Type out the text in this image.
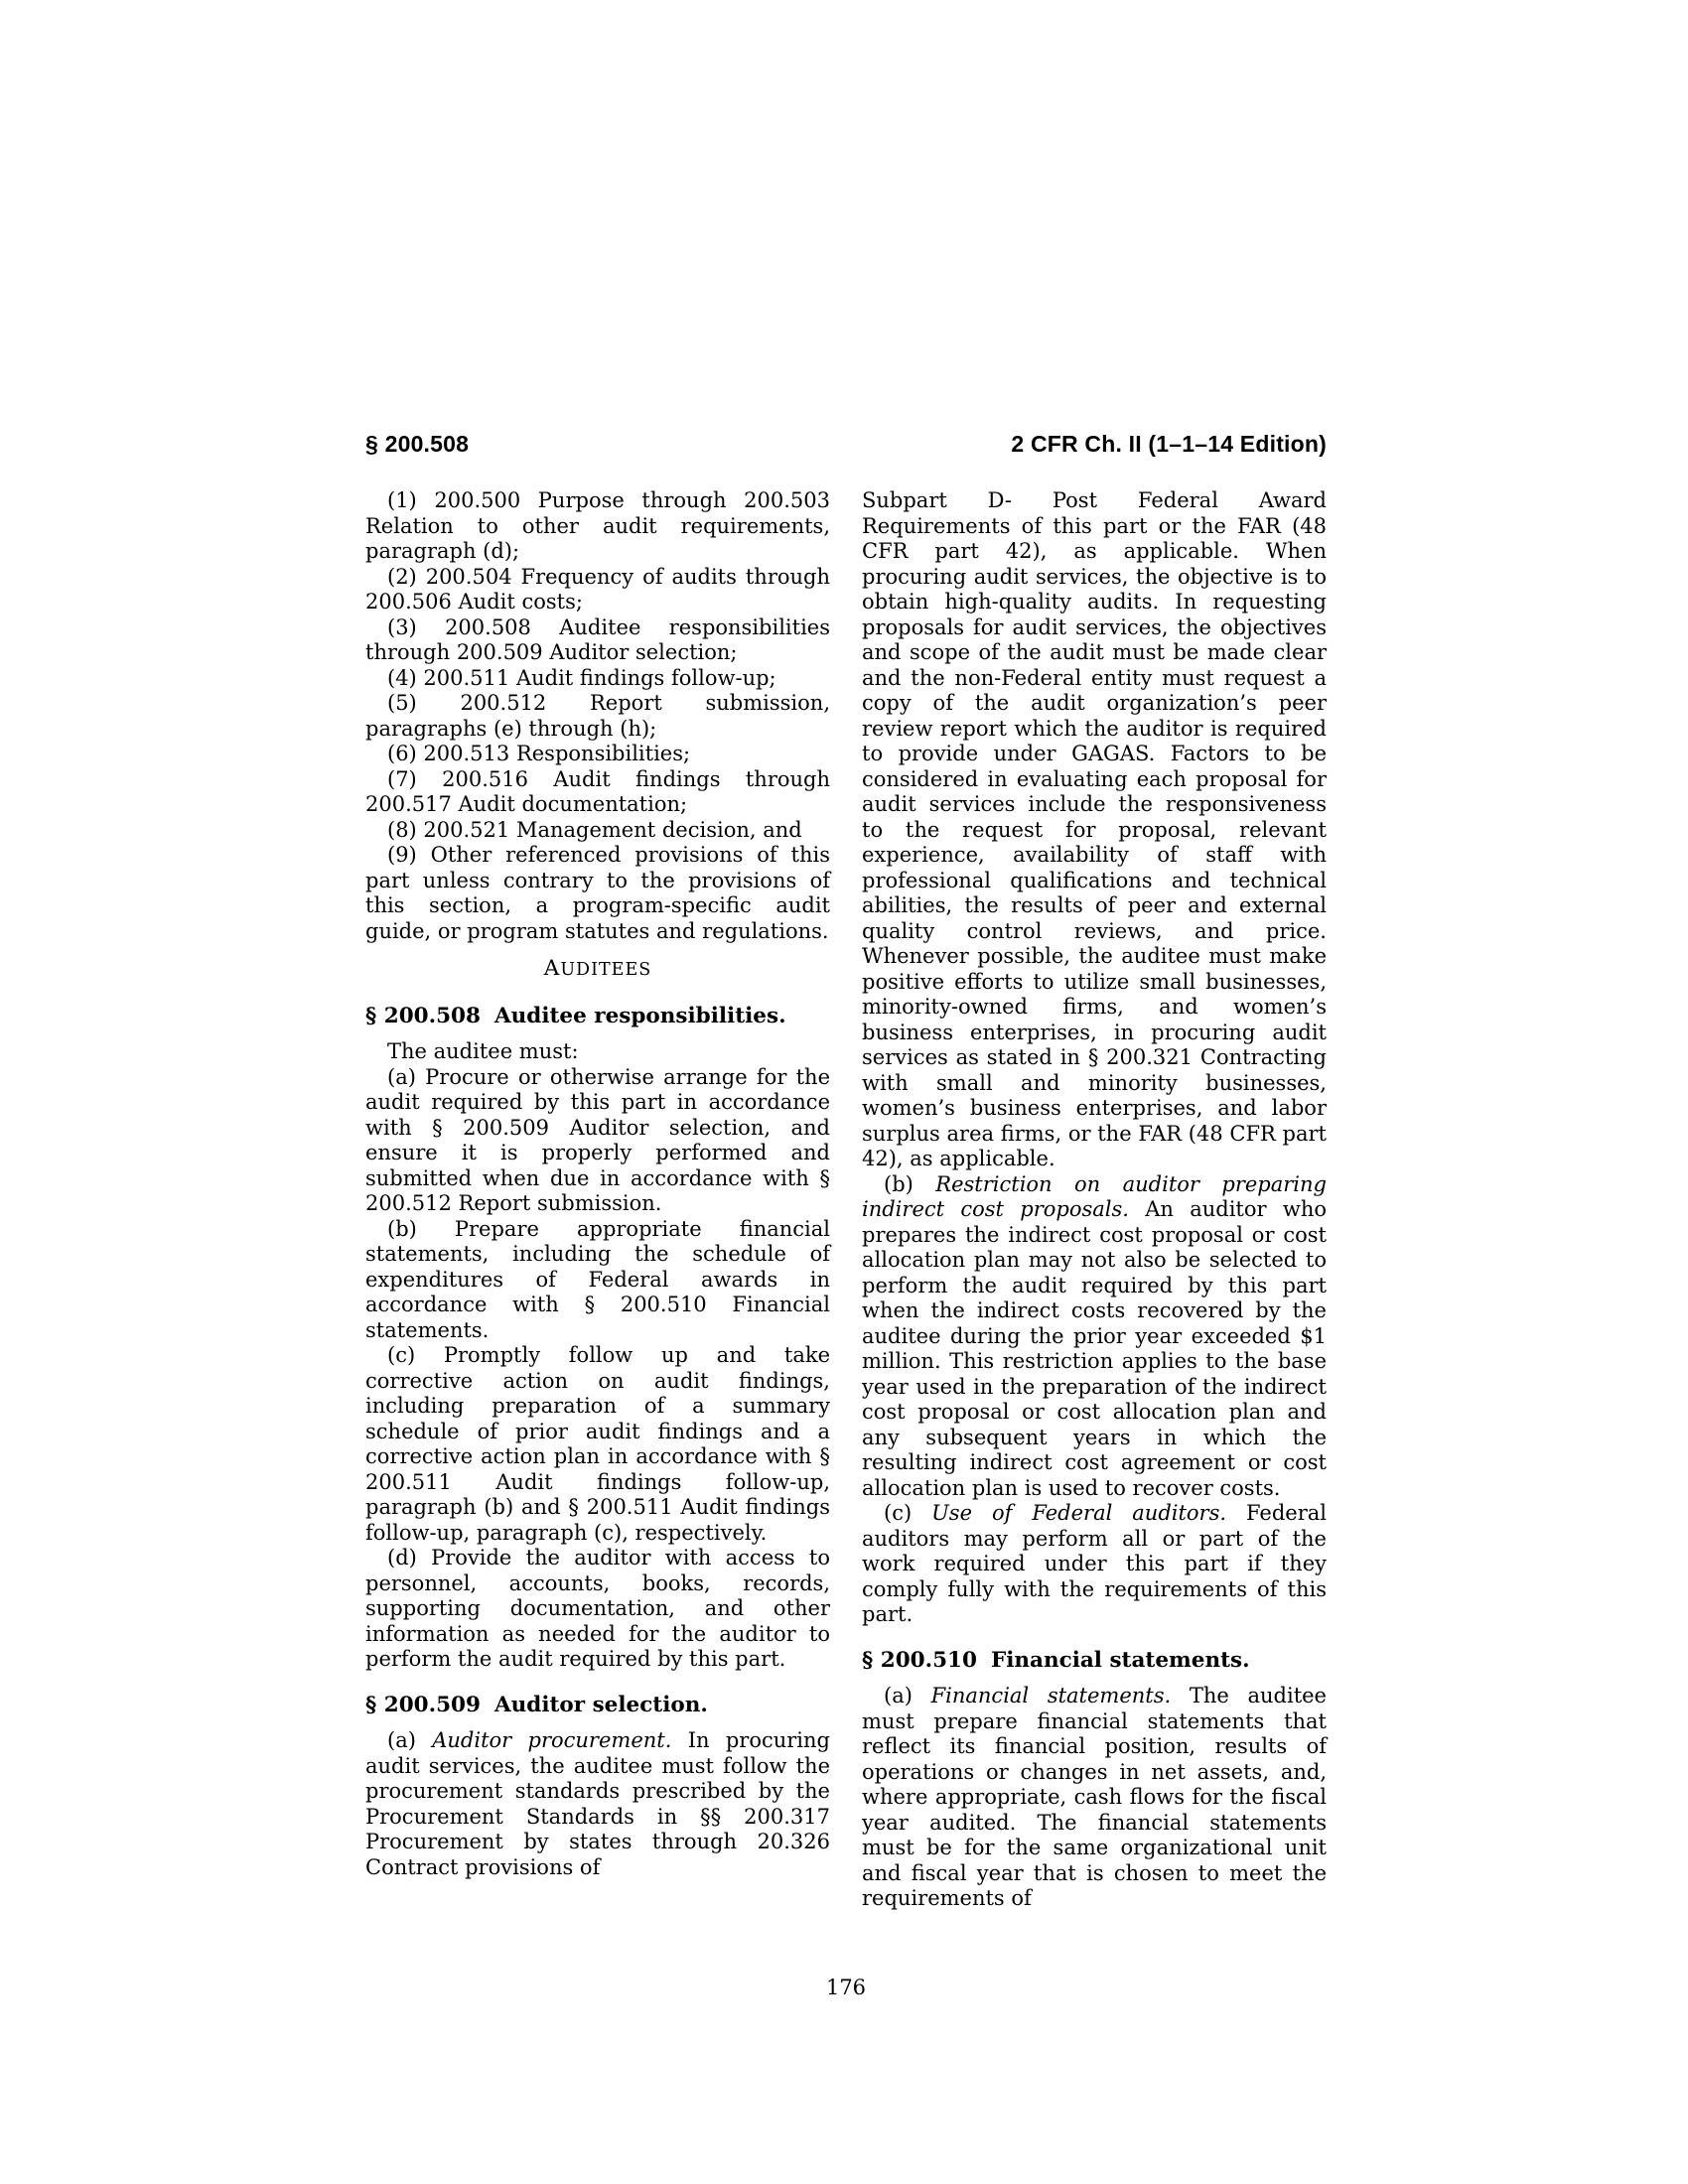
§ 200.508	2 CFR Ch. II (1–1–14 Edition)

(1) 200.500 Purpose through 200.503 Relation to other audit requirements, paragraph (d);

(2) 200.504 Frequency of audits through 200.506 Audit costs;

(3) 200.508 Auditee responsibilities through 200.509 Auditor selection;

(4) 200.511 Audit findings follow-up;

(5) 200.512 Report submission, paragraphs (e) through (h);

(6) 200.513 Responsibilities;

(7) 200.516 Audit findings through 200.517 Audit documentation;

(8) 200.521 Management decision, and

(9) Other referenced provisions of this part unless contrary to the provisions of this section, a program-specific audit guide, or program statutes and regulations.

AUDITEES
§ 200.508 Auditee responsibilities.

The auditee must:

(a) Procure or otherwise arrange for the audit required by this part in accordance with § 200.509 Auditor selection, and ensure it is properly performed and submitted when due in accordance with § 200.512 Report submission.

(b) Prepare appropriate financial statements, including the schedule of expenditures of Federal awards in accordance with § 200.510 Financial statements.

(c) Promptly follow up and take corrective action on audit findings, including preparation of a summary schedule of prior audit findings and a corrective action plan in accordance with § 200.511 Audit findings follow-up, paragraph (b) and § 200.511 Audit findings follow-up, paragraph (c), respectively.

(d) Provide the auditor with access to personnel, accounts, books, records, supporting documentation, and other information as needed for the auditor to perform the audit required by this part.

§ 200.509 Auditor selection.

(a) Auditor procurement. In procuring audit services, the auditee must follow the procurement standards prescribed by the Procurement Standards in §§ 200.317 Procurement by states through 20.326 Contract provisions of

Subpart D- Post Federal Award Requirements of this part or the FAR (48 CFR part 42), as applicable. When procuring audit services, the objective is to obtain high-quality audits. In requesting proposals for audit services, the objectives and scope of the audit must be made clear and the non-Federal entity must request a copy of the audit organization’s peer review report which the auditor is required to provide under GAGAS. Factors to be considered in evaluating each proposal for audit services include the responsiveness to the request for proposal, relevant experience, availability of staff with professional qualifications and technical abilities, the results of peer and external quality control reviews, and price. Whenever possible, the auditee must make positive efforts to utilize small businesses, minority-owned firms, and women’s business enterprises, in procuring audit services as stated in § 200.321 Contracting with small and minority businesses, women’s business enterprises, and labor surplus area firms, or the FAR (48 CFR part 42), as applicable.

(b) Restriction on auditor preparing indirect cost proposals. An auditor who prepares the indirect cost proposal or cost allocation plan may not also be selected to perform the audit required by this part when the indirect costs recovered by the auditee during the prior year exceeded $1 million. This restriction applies to the base year used in the preparation of the indirect cost proposal or cost allocation plan and any subsequent years in which the resulting indirect cost agreement or cost allocation plan is used to recover costs.

(c) Use of Federal auditors. Federal auditors may perform all or part of the work required under this part if they comply fully with the requirements of this part.

§ 200.510 Financial statements.

(a) Financial statements. The auditee must prepare financial statements that reflect its financial position, results of operations or changes in net assets, and, where appropriate, cash flows for the fiscal year audited. The financial statements must be for the same organizational unit and fiscal year that is chosen to meet the requirements of

176
